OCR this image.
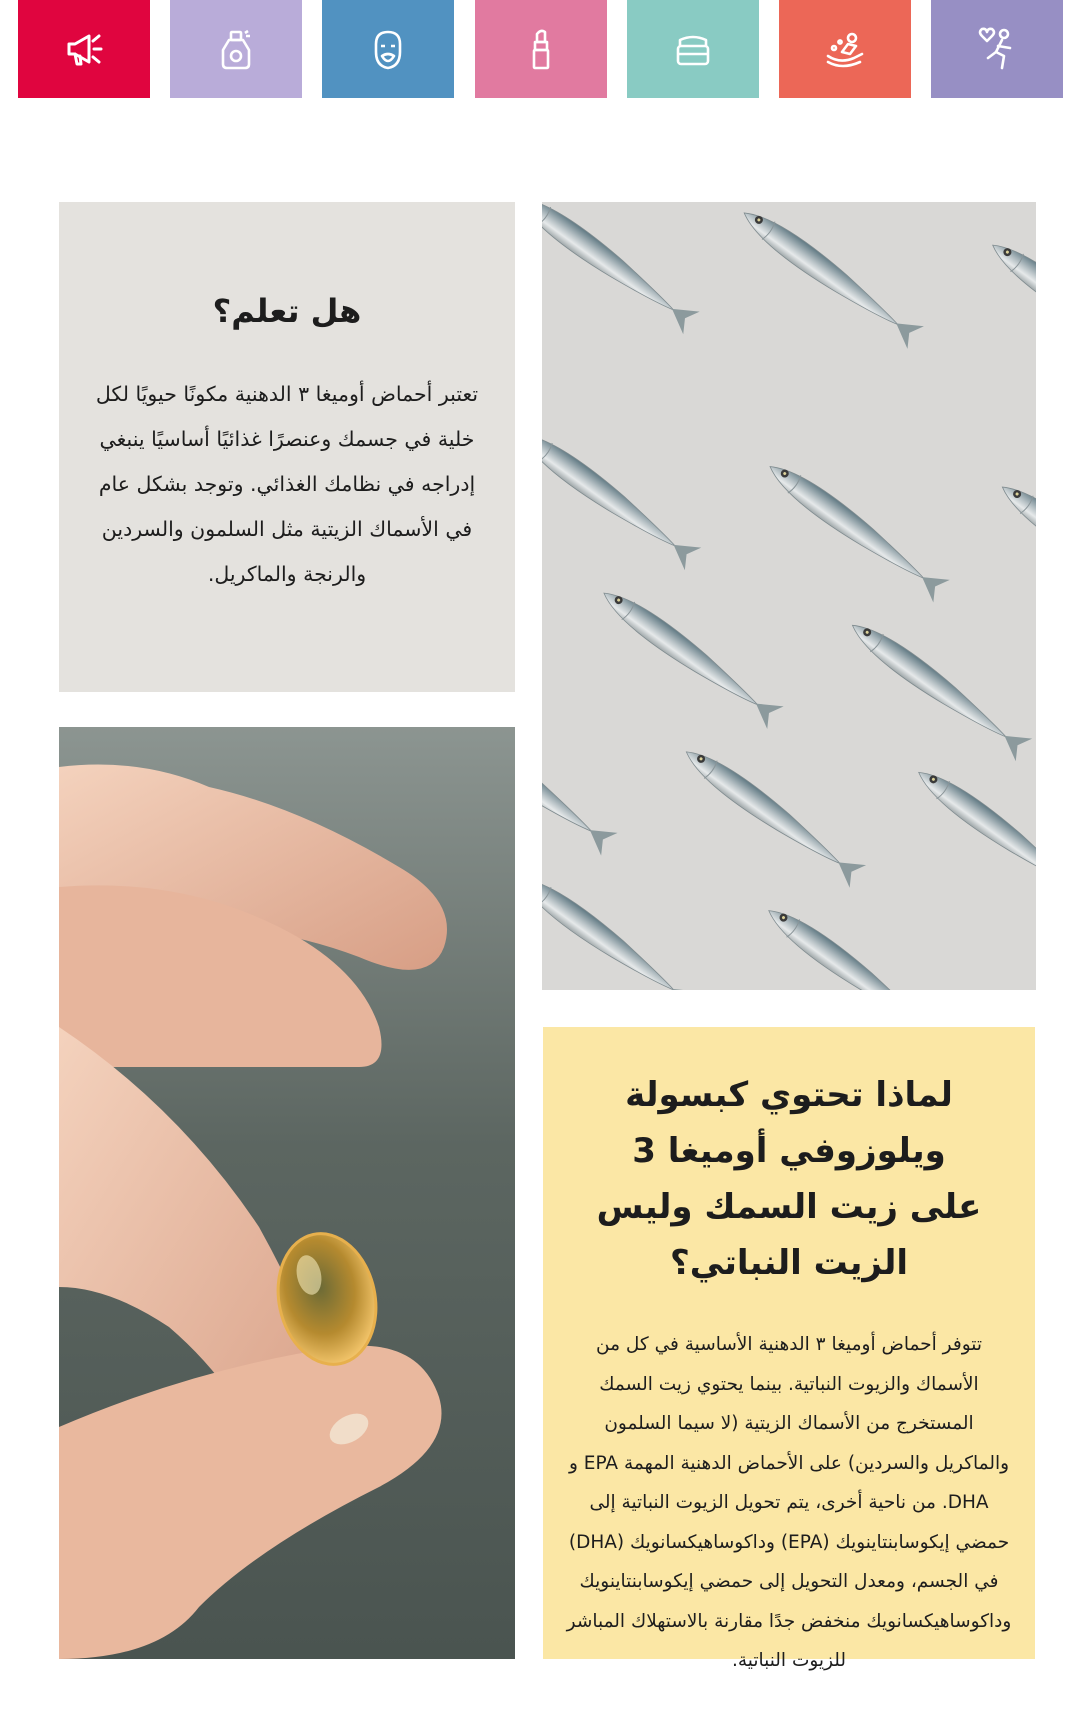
هل تعلم؟

تعتبر أحماض أوميغا ٣ الدهنية مكونًا حيويًا لكل خلية في جسمك وعنصرًا غذائيًا أساسيًا ينبغي إدراجه في نظامك الغذائي. وتوجد بشكل عام في الأسماك الزيتية مثل السلمون والسردين والرنجة والماكريل.

لماذا تحتوي كبسولة ويلوزوفي أوميغا 3 على زيت السمك وليس الزيت النباتي؟

تتوفر أحماض أوميغا ٣ الدهنية الأساسية في كل من الأسماك والزيوت النباتية. بينما يحتوي زيت السمك المستخرج من الأسماك الزيتية (لا سيما السلمون والماكريل والسردين) على الأحماض الدهنية المهمة EPA و DHA. من ناحية أخرى، يتم تحويل الزيوت النباتية إلى حمضي إيكوسابنتاينويك (EPA) وداكوساهيكسانويك (DHA) في الجسم، ومعدل التحويل إلى حمضي إيكوسابنتاينويك وداكوساهيكسانويك منخفض جدًا مقارنة بالاستهلاك المباشر للزيوت النباتية.
